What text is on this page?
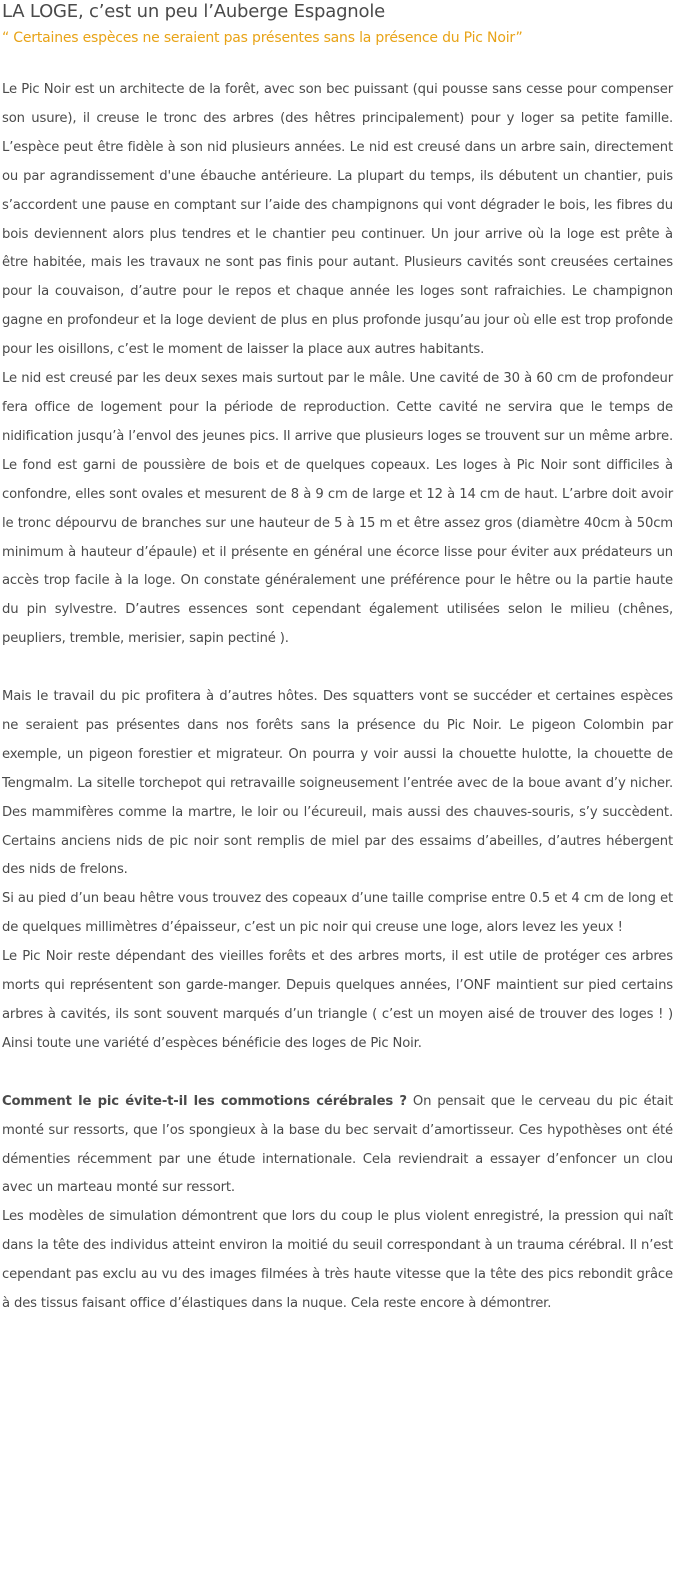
LA LOGE, c’est un peu l’Auberge Espagnole

“ Certaines espèces ne seraient pas présentes sans la présence du Pic Noir”

Le Pic Noir est un architecte de la forêt, avec son bec puissant (qui pousse sans cesse pour compenser son usure), il creuse le tronc des arbres (des hêtres principalement) pour y loger sa petite famille. L’espèce peut être fidèle à son nid plusieurs années. Le nid est creusé dans un arbre sain, directement ou par agrandissement d'une ébauche antérieure. La plupart du temps, ils débutent un chantier, puis s’accordent une pause en comptant sur l’aide des champignons qui vont dégrader le bois, les fibres du bois deviennent alors plus tendres et le chantier peu continuer. Un jour arrive où la loge est prête à être habitée, mais les travaux ne sont pas finis pour autant. Plusieurs cavités sont creusées certaines pour la couvaison, d’autre pour le repos et chaque année les loges sont rafraichies. Le champignon gagne en profondeur et la loge devient de plus en plus profonde jusqu’au jour où elle est trop profonde pour les oisillons, c’est le moment de laisser la place aux autres habitants.

Le nid est creusé par les deux sexes mais surtout par le mâle. Une cavité de 30 à 60 cm de profondeur fera office de logement pour la période de reproduction. Cette cavité ne servira que le temps de nidification jusqu’à l’envol des jeunes pics. Il arrive que plusieurs loges se trouvent sur un même arbre. Le fond est garni de poussière de bois et de quelques copeaux. Les loges à Pic Noir sont difficiles à confondre, elles sont ovales et mesurent de 8 à 9 cm de large et 12 à 14 cm de haut. L’arbre doit avoir le tronc dépourvu de branches sur une hauteur de 5 à 15 m et être assez gros (diamètre 40cm à 50cm minimum à hauteur d’épaule) et il présente en général une écorce lisse pour éviter aux prédateurs un accès trop facile à la loge. On constate généralement une préférence pour le hêtre ou la partie haute du pin sylvestre. D’autres essences sont cependant également utilisées selon le milieu (chênes, peupliers, tremble, merisier, sapin pectiné ).

Mais le travail du pic profitera à d’autres hôtes. Des squatters vont se succéder et certaines espèces ne seraient pas présentes dans nos forêts sans la présence du Pic Noir. Le pigeon Colombin par exemple, un pigeon forestier et migrateur. On pourra y voir aussi la chouette hulotte, la chouette de Tengmalm. La sitelle torchepot qui retravaille soigneusement l’entrée avec de la boue avant d’y nicher. Des mammifères comme la martre, le loir ou l’écureuil, mais aussi des chauves-souris, s’y succèdent. Certains anciens nids de pic noir sont remplis de miel par des essaims d’abeilles, d’autres hébergent des nids de frelons.

Si au pied d’un beau hêtre vous trouvez des copeaux d’une taille comprise entre 0.5 et 4 cm de long et de quelques millimètres d’épaisseur, c’est un pic noir qui creuse une loge, alors levez les yeux !

Le Pic Noir reste dépendant des vieilles forêts et des arbres morts, il est utile de protéger ces arbres morts qui représentent son garde-manger. Depuis quelques années, l’ONF maintient sur pied certains arbres à cavités, ils sont souvent marqués d’un triangle ( c’est un moyen aisé de trouver des loges ! ) Ainsi toute une variété d’espèces bénéficie des loges de Pic Noir.

Comment le pic évite-t-il les commotions cérébrales ? On pensait que le cerveau du pic était monté sur ressorts, que l’os spongieux à la base du bec servait d’amortisseur. Ces hypothèses ont été démenties récemment par une étude internationale. Cela reviendrait a essayer d’enfoncer un clou avec un marteau monté sur ressort.

Les modèles de simulation démontrent que lors du coup le plus violent enregistré, la pression qui naît dans la tête des individus atteint environ la moitié du seuil correspondant à un trauma cérébral. Il n’est cependant pas exclu au vu des images filmées à très haute vitesse que la tête des pics rebondit grâce à des tissus faisant office d’élastiques dans la nuque. Cela reste encore à démontrer.
